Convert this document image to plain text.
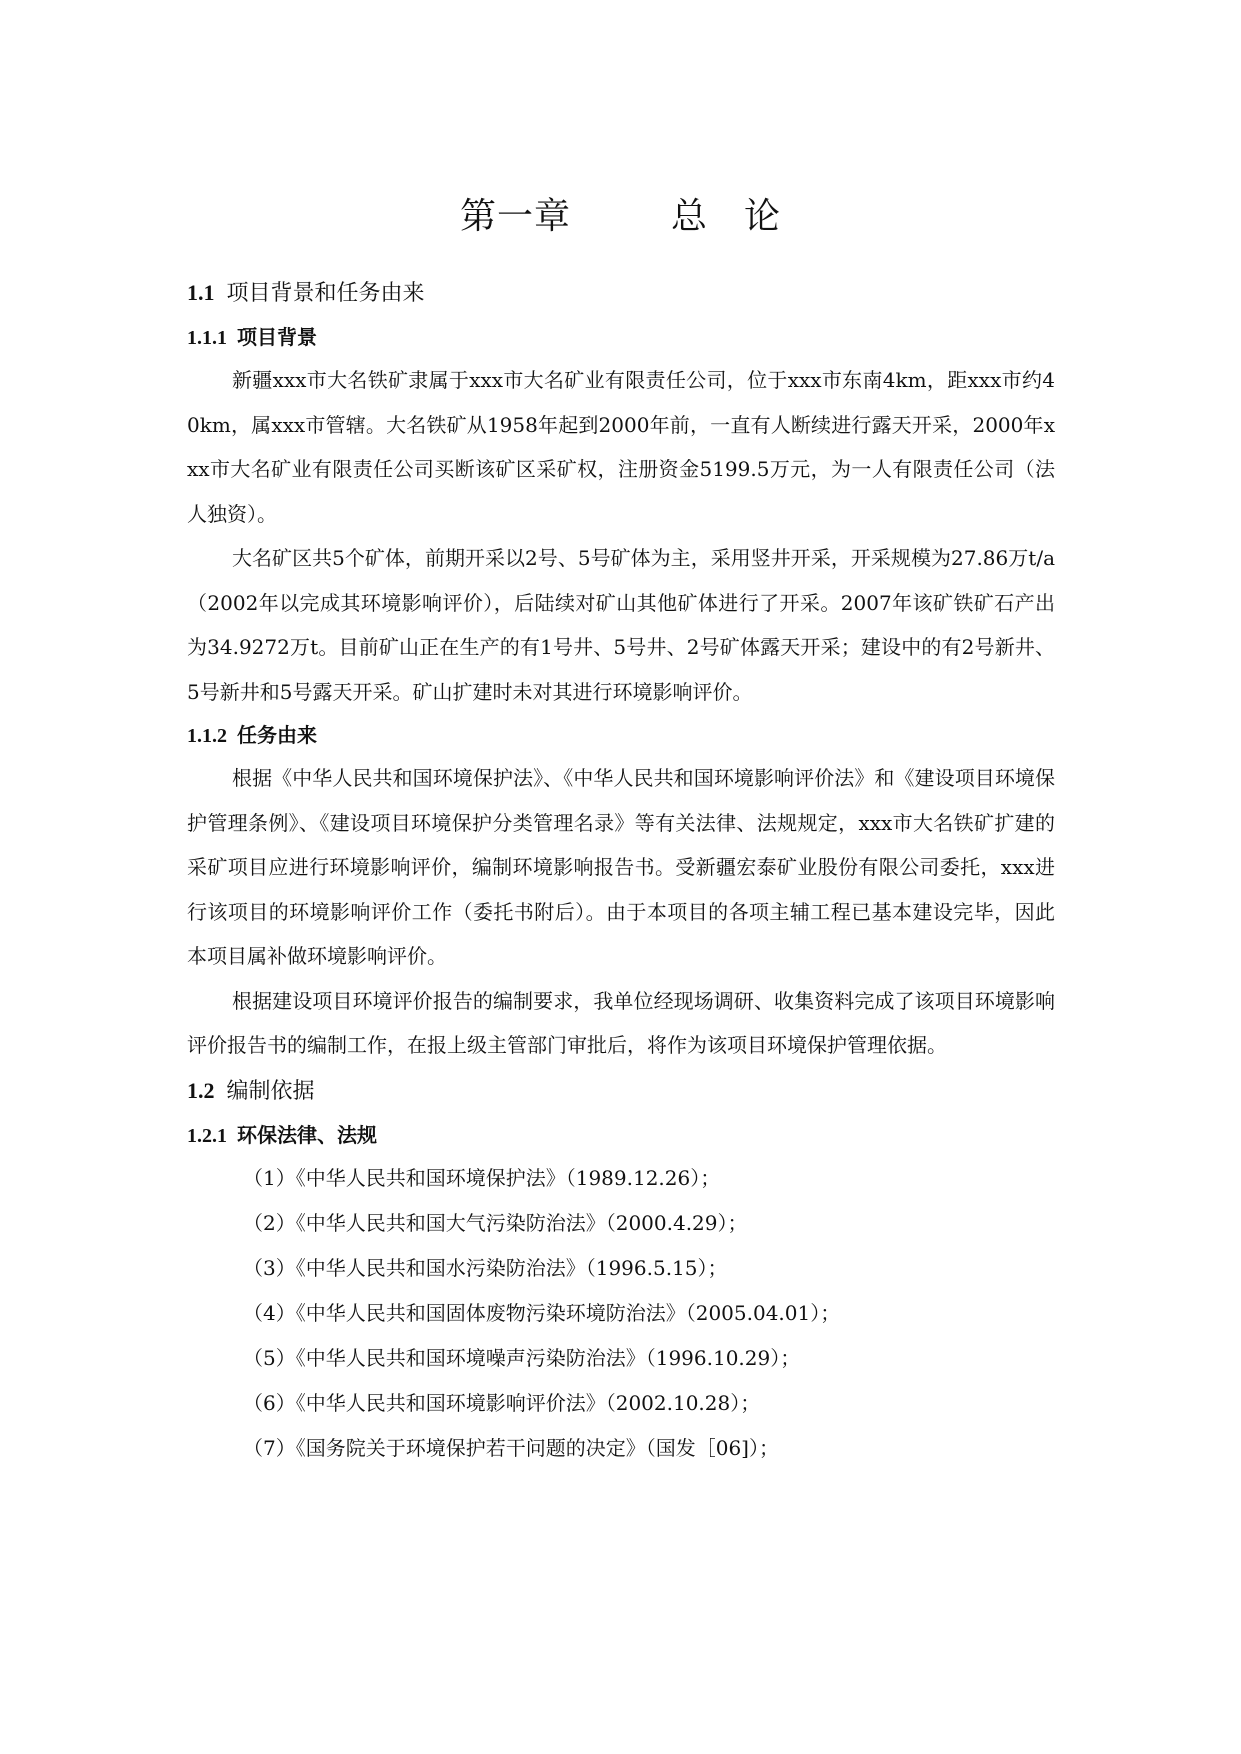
第一章	总 论
1.1 项目背景和任务由来
1.1.1 项目背景

新疆xxx市大名铁矿隶属于xxx市大名矿业有限责任公司，位于xxx市东南4km，距xxx市约40km，属xxx市管辖。大名铁矿从1958年起到2000年前，一直有人断续进行露天开采，2000年xxx市大名矿业有限责任公司买断该矿区采矿权，注册资金5199.5万元，为一人有限责任公司（法人独资）。

大名矿区共5个矿体，前期开采以2号、5号矿体为主，采用竖井开采，开采规模为27.86万t/a（2002年以完成其环境影响评价），后陆续对矿山其他矿体进行了开采。2007年该矿铁矿石产出为34.9272万t。目前矿山正在生产的有1号井、5号井、2号矿体露天开采；建设中的有2号新井、5号新井和5号露天开采。矿山扩建时未对其进行环境影响评价。

1.1.2 任务由来

根据《中华人民共和国环境保护法》、《中华人民共和国环境影响评价法》和《建设项目环境保护管理条例》、《建设项目环境保护分类管理名录》等有关法律、法规规定，xxx市大名铁矿扩建的采矿项目应进行环境影响评价，编制环境影响报告书。受新疆宏泰矿业股份有限公司委托，xxx进行该项目的环境影响评价工作（委托书附后）。由于本项目的各项主辅工程已基本建设完毕，因此本项目属补做环境影响评价。

根据建设项目环境评价报告的编制要求，我单位经现场调研、收集资料完成了该项目环境影响评价报告书的编制工作，在报上级主管部门审批后，将作为该项目环境保护管理依据。

1.2 编制依据
1.2.1 环保法律、法规
（1）《中华人民共和国环境保护法》（1989.12.26）；
（2）《中华人民共和国大气污染防治法》（2000.4.29）；
（3）《中华人民共和国水污染防治法》（1996.5.15）；
（4）《中华人民共和国固体废物污染环境防治法》（2005.04.01）；
（5）《中华人民共和国环境噪声污染防治法》（1996.10.29）；
（6）《中华人民共和国环境影响评价法》（2002.10.28）；
（7）《国务院关于环境保护若干问题的决定》（国发［06]）；
